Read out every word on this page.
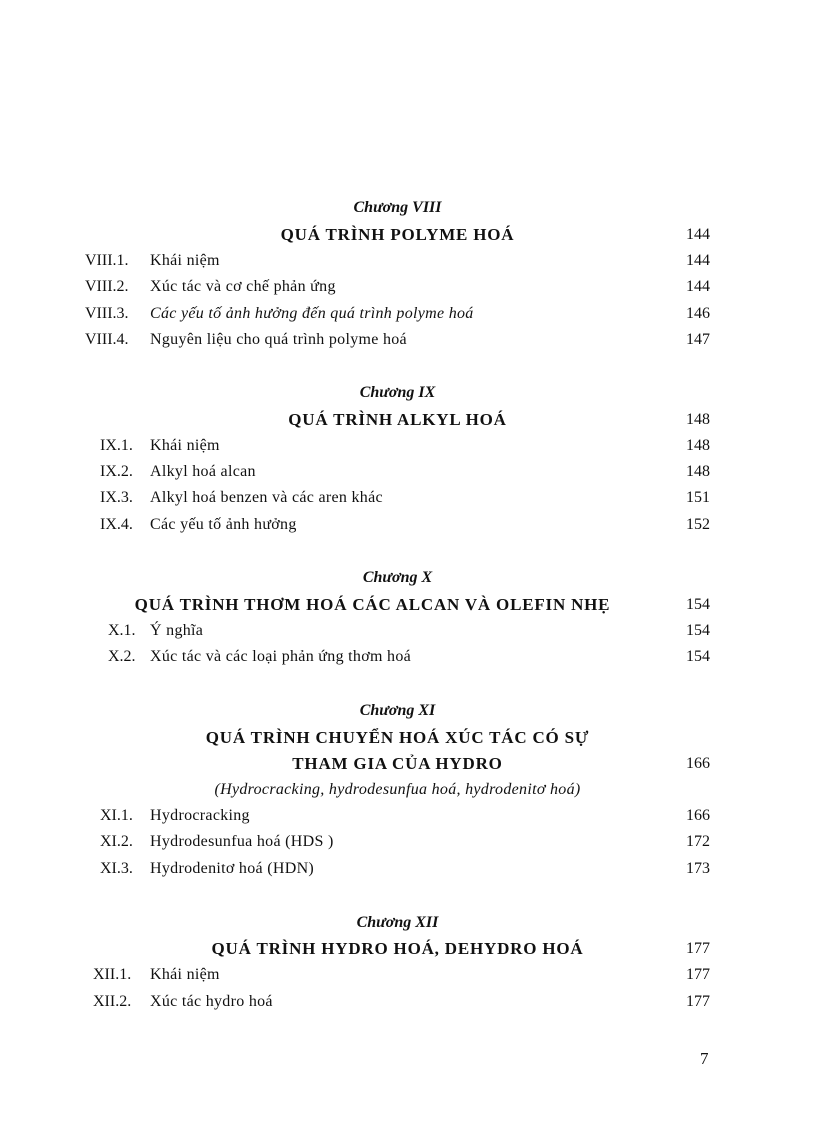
Chương VIII
QUÁ TRÌNH POLYME HOÁ	144
VIII.1. Khái niệm	144
VIII.2. Xúc tác và cơ chế phản ứng	144
VIII.3. Các yếu tố ảnh hưởng đến quá trình polyme hoá	146
VIII.4. Nguyên liệu cho quá trình polyme hoá	147
Chương IX
QUÁ TRÌNH ALKYL HOÁ	148
IX.1. Khái niệm	148
IX.2. Alkyl hoá alcan	148
IX.3. Alkyl hoá benzen và các aren khác	151
IX.4. Các yếu tố ảnh hưởng	152
Chương X
QUÁ TRÌNH THƠM HOÁ CÁC ALCAN VÀ OLEFIN NHẸ	154
X.1. Ý nghĩa	154
X.2. Xúc tác và các loại phản ứng thơm hoá	154
Chương XI
QUÁ TRÌNH CHUYỂN HOÁ XÚC TÁC CÓ SỰ
THAM GIA CỦA HYDRO	166
(Hydrocracking, hydrodesunfua hoá, hydrodenitơ hoá)
XI.1. Hydrocracking	166
XI.2. Hydrodesunfua hoá (HDS )	172
XI.3. Hydrodenitơ hoá (HDN)	173
Chương XII
QUÁ TRÌNH HYDRO HOÁ, DEHYDRO HOÁ	177
XII.1. Khái niệm	177
XII.2. Xúc tác hydro hoá	177
7
